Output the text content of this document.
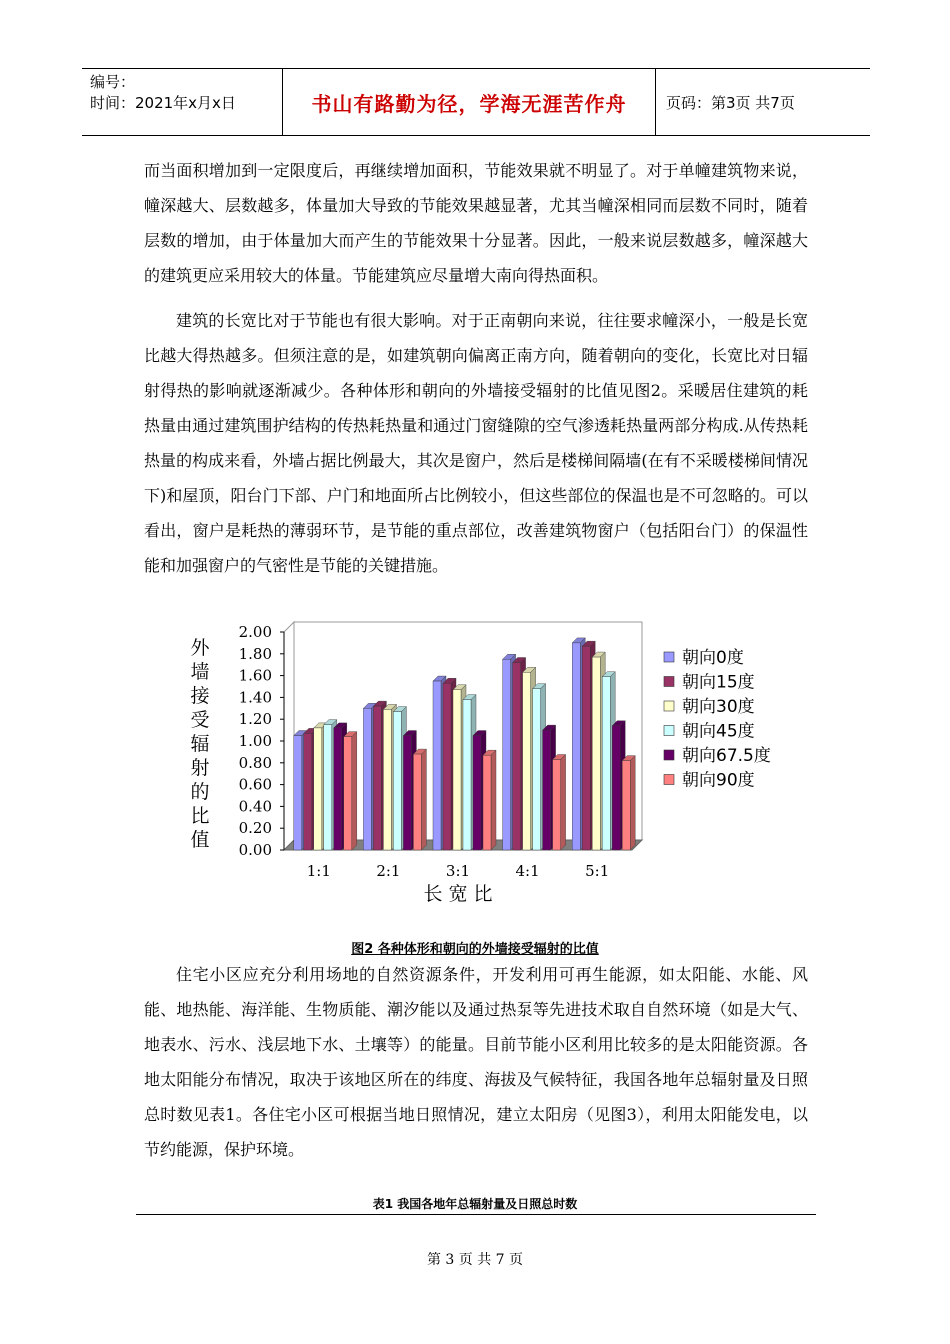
编号：
时间：2021年x月x日	书山有路勤为径，学海无涯苦作舟	页码：第3页 共7页
而当面积增加到一定限度后，再继续增加面积，节能效果就不明显了。对于单幢建筑物来说，幢深越大、层数越多，体量加大导致的节能效果越显著，尤其当幢深相同而层数不同时，随着层数的增加，由于体量加大而产生的节能效果十分显著。因此，一般来说层数越多，幢深越大的建筑更应采用较大的体量。节能建筑应尽量增大南向得热面积。
建筑的长宽比对于节能也有很大影响。对于正南朝向来说，往往要求幢深小，一般是长宽比越大得热越多。但须注意的是，如建筑朝向偏离正南方向，随着朝向的变化，长宽比对日辐射得热的影响就逐渐减少。各种体形和朝向的外墙接受辐射的比值见图2。采暖居住建筑的耗热量由通过建筑围护结构的传热耗热量和通过门窗缝隙的空气渗透耗热量两部分构成.从传热耗热量的构成来看，外墙占据比例最大，其次是窗户，然后是楼梯间隔墙(在有不采暖楼梯间情况下)和屋顶，阳台门下部、户门和地面所占比例较小，但这些部位的保温也是不可忽略的。可以看出，窗户是耗热的薄弱环节，是节能的重点部位，改善建筑物窗户（包括阳台门）的保温性能和加强窗户的气密性是节能的关键措施。
0.00
0.20
0.40
0.60
0.80
1.00
1.20
1.40
1.60
1.80
2.00
外
墙
接
受
辐
射
的
比
值
1:1	2:1	3:1	4:1	5:1
长 宽 比
朝向0度
朝向15度
朝向30度
朝向45度
朝向67.5度
朝向90度
图2 各种体形和朝向的外墙接受辐射的比值
住宅小区应充分利用场地的自然资源条件，开发利用可再生能源，如太阳能、水能、风能、地热能、海洋能、生物质能、潮汐能以及通过热泵等先进技术取自自然环境（如是大气、地表水、污水、浅层地下水、土壤等）的能量。目前节能小区利用比较多的是太阳能资源。各地太阳能分布情况，取决于该地区所在的纬度、海拔及气候特征，我国各地年总辐射量及日照总时数见表1。各住宅小区可根据当地日照情况，建立太阳房（见图3），利用太阳能发电，以节约能源，保护环境。
表1 我国各地年总辐射量及日照总时数
第 3 页 共 7 页
